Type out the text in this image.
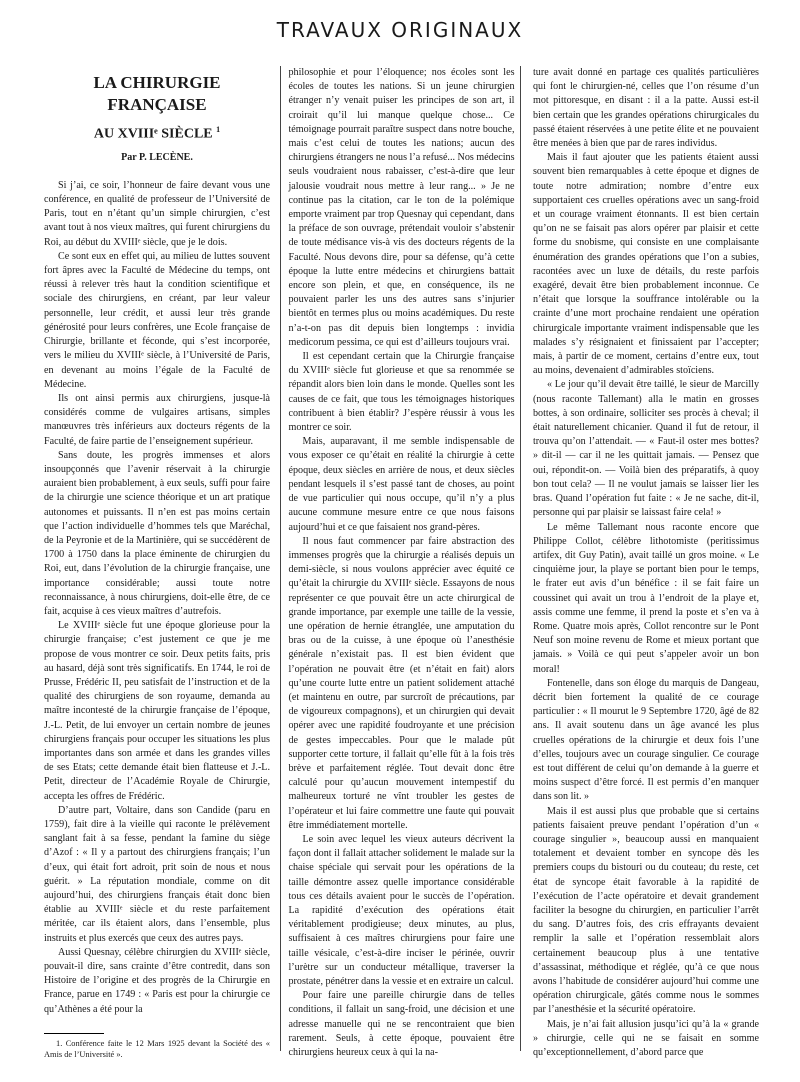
TRAVAUX ORIGINAUX
LA CHIRURGIE FRANÇAISE
AU XVIIIᵉ SIÈCLE $^1$
Par P. LECÈNE.

Si j’ai, ce soir, l’honneur de faire devant vous une conférence, en qualité de professeur de l’Université de Paris, tout en n’étant qu’un simple chirurgien, c’est avant tout à nos vieux maîtres, qui furent chirurgiens du Roi, au début du XVIIIᵉ siècle, que je le dois.

Ce sont eux en effet qui, au milieu de luttes souvent fort âpres avec la Faculté de Médecine du temps, ont réussi à relever très haut la condition scientifique et sociale des chirurgiens, en créant, par leur valeur personnelle, leur crédit, et aussi leur très grande générosité pour leurs confrères, une Ecole française de Chirurgie, brillante et féconde, qui s’est incorporée, vers le milieu du XVIIIᵉ siècle, à l’Université de Paris, en devenant au moins l’égale de la Faculté de Médecine.

Ils ont ainsi permis aux chirurgiens, jusque-là considérés comme de vulgaires artisans, simples manœuvres très inférieurs aux docteurs régents de la Faculté, de faire partie de l’enseignement supérieur.

Sans doute, les progrès immenses et alors insoupçonnés que l’avenir réservait à la chirurgie auraient bien probablement, à eux seuls, suffi pour faire de la chirurgie une science théorique et un art pratique autonomes et puissants. Il n’en est pas moins certain que l’action individuelle d’hommes tels que Maréchal, de la Peyronie et de la Martinière, qui se succédèrent de 1700 à 1750 dans la place éminente de chirurgien du Roi, eut, dans l’évolution de la chirurgie française, une importance considérable; aussi toute notre reconnaissance, à nous chirurgiens, doit-elle être, de ce fait, acquise à ces vieux maîtres d’autrefois.

Le XVIIIᵉ siècle fut une époque glorieuse pour la chirurgie française; c’est justement ce que je me propose de vous montrer ce soir. Deux petits faits, pris au hasard, déjà sont très significatifs. En 1744, le roi de Prusse, Frédéric II, peu satisfait de l’instruction et de la qualité des chirurgiens de son royaume, demanda au maître incontesté de la chirurgie française de l’époque, J.-L. Petit, de lui envoyer un certain nombre de jeunes chirurgiens français pour occuper les situations les plus importantes dans son armée et dans les grandes villes de ses Etats; cette demande était bien flatteuse et J.-L. Petit, directeur de l’Académie Royale de Chirurgie, accepta les offres de Frédéric.

D’autre part, Voltaire, dans son Candide (paru en 1759), fait dire à la vieille qui raconte le prélèvement sanglant fait à sa fesse, pendant la famine du siège d’Azof : « Il y a partout des chirurgiens français; l’un d’eux, qui était fort adroit, prit soin de nous et nous guérit. » La réputation mondiale, comme on dit aujourd’hui, des chirurgiens français était donc bien établie au XVIIIᵉ siècle et du reste parfaitement méritée, car ils étaient alors, dans l’ensemble, plus instruits et plus exercés que ceux des autres pays.

Aussi Quesnay, célèbre chirurgien du XVIIIᵉ siècle, pouvait-il dire, sans crainte d’être contredit, dans son Histoire de l’origine et des progrès de la Chirurgie en France, parue en 1749 : « Paris est pour la chirurgie ce qu’Athènes a été pour la

1. Conférence faite le 12 Mars 1925 devant la Société des « Amis de l’Université ».

philosophie et pour l’éloquence; nos écoles sont les écoles de toutes les nations. Si un jeune chirurgien étranger n’y venait puiser les principes de son art, il croirait qu’il lui manque quelque chose... Ce témoignage pourrait paraître suspect dans notre bouche, mais c’est celui de toutes les nations; aucun des chirurgiens étrangers ne nous l’a refusé... Nos médecins seuls voudraient nous rabaisser, c’est-à-dire que leur jalousie voudrait nous mettre à leur rang... » Je ne continue pas la citation, car le ton de la polémique emporte vraiment par trop Quesnay qui cependant, dans la préface de son ouvrage, prétendait vouloir s’abstenir de toute médisance vis-à vis des docteurs régents de la Faculté. Nous devons dire, pour sa défense, qu’à cette époque la lutte entre médecins et chirurgiens battait encore son plein, et que, en conséquence, ils ne pouvaient parler les uns des autres sans s’injurier bientôt en termes plus ou moins académiques. Du reste n’a-t-on pas dit depuis bien longtemps : invidia medicorum pessima, ce qui est d’ailleurs toujours vrai.

Il est cependant certain que la Chirurgie française du XVIIIᵉ siècle fut glorieuse et que sa renommée se répandit alors bien loin dans le monde. Quelles sont les causes de ce fait, que tous les témoignages historiques contribuent à bien établir? J’espère réussir à vous les montrer ce soir.

Mais, auparavant, il me semble indispensable de vous exposer ce qu’était en réalité la chirurgie à cette époque, deux siècles en arrière de nous, et deux siècles pendant lesquels il s’est passé tant de choses, au point de vue particulier qui nous occupe, qu’il n’y a plus aucune commune mesure entre ce que nous faisons aujourd’hui et ce que faisaient nos grand-pères.

Il nous faut commencer par faire abstraction des immenses progrès que la chirurgie a réalisés depuis un demi-siècle, si nous voulons apprécier avec équité ce qu’était la chirurgie du XVIIIᵉ siècle. Essayons de nous représenter ce que pouvait être un acte chirurgical de grande importance, par exemple une taille de la vessie, une opération de hernie étranglée, une amputation du bras ou de la cuisse, à une époque où l’anesthésie générale n’existait pas. Il est bien évident que l’opération ne pouvait être (et n’était en fait) alors qu’une courte lutte entre un patient solidement attaché (et maintenu en outre, par surcroît de précautions, par de vigoureux compagnons), et un chirurgien qui devait opérer avec une rapidité foudroyante et une précision de gestes impeccables. Pour que le malade pût supporter cette torture, il fallait qu’elle fût à la fois très brève et parfaitement réglée. Tout devait donc être calculé pour qu’aucun mouvement intempestif du malheureux torturé ne vînt troubler les gestes de l’opérateur et lui faire commettre une faute qui pouvait être immédiatement mortelle.

Le soin avec lequel les vieux auteurs décrivent la façon dont il fallait attacher solidement le malade sur la chaise spéciale qui servait pour les opérations de la taille démontre assez quelle importance considérable tous ces détails avaient pour le succès de l’opération. La rapidité d’exécution des opérations était véritablement prodigieuse; deux minutes, au plus, suffisaient à ces maîtres chirurgiens pour faire une taille vésicale, c’est-à-dire inciser le périnée, ouvrir l’urètre sur un conducteur métallique, traverser la prostate, pénétrer dans la vessie et en extraire un calcul.

Pour faire une pareille chirurgie dans de telles conditions, il fallait un sang-froid, une décision et une adresse manuelle qui ne se rencontraient que bien rarement. Seuls, à cette époque, pouvaient être chirurgiens heureux ceux à qui la na-

ture avait donné en partage ces qualités particulières qui font le chirurgien-né, celles que l’on résume d’un mot pittoresque, en disant : il a la patte. Aussi est-il bien certain que les grandes opérations chirurgicales du passé étaient réservées à une petite élite et ne pouvaient être menées à bien que par de rares individus.

Mais il faut ajouter que les patients étaient aussi souvent bien remarquables à cette époque et dignes de toute notre admiration; nombre d’entre eux supportaient ces cruelles opérations avec un sang-froid et un courage vraiment étonnants. Il est bien certain qu’on ne se faisait pas alors opérer par plaisir et cette forme du snobisme, qui consiste en une complaisante énumération des grandes opérations que l’on a subies, racontées avec un luxe de détails, du reste parfois exagéré, devait être bien probablement inconnue. Ce n’était que lorsque la souffrance intolérable ou la crainte d’une mort prochaine rendaient une opération chirurgicale importante vraiment indispensable que les malades s’y résignaient et finissaient par l’accepter; mais, à partir de ce moment, certains d’entre eux, tout au moins, devenaient d’admirables stoïciens.

« Le jour qu’il devait être taillé, le sieur de Marcilly (nous raconte Tallemant) alla le matin en grosses bottes, à son ordinaire, solliciter ses procès à cheval; il était naturellement chicanier. Quand il fut de retour, il trouva qu’on l’attendait. — « Faut-il oster mes bottes? » dit-il — car il ne les quittait jamais. — Pensez que oui, répondit-on. — Voilà bien des préparatifs, à quoy bon tout cela? — Il ne voulut jamais se laisser lier les bras. Quand l’opération fut faite : « Je ne sache, dit-il, personne qui par plaisir se laissast faire cela! »

Le même Tallemant nous raconte encore que Philippe Collot, célèbre lithotomiste (peritissimus artifex, dit Guy Patin), avait taillé un gros moine. « Le cinquième jour, la playe se portant bien pour le temps, le frater eut avis d’un bénéfice : il se fait faire un coussinet qui avait un trou à l’endroit de la playe et, assis comme une femme, il prend la poste et s’en va à Rome. Quatre mois après, Collot rencontre sur le Pont Neuf son moine revenu de Rome et mieux portant que jamais. » Voilà ce qui peut s’appeler avoir un bon moral!

Fontenelle, dans son éloge du marquis de Dangeau, décrit bien fortement la qualité de ce courage particulier : « Il mourut le 9 Septembre 1720, âgé de 82 ans. Il avait soutenu dans un âge avancé les plus cruelles opérations de la chirurgie et deux fois l’une d’elles, toujours avec un courage singulier. Ce courage est tout différent de celui qu’on demande à la guerre et moins suspect d’être forcé. Il est permis d’en manquer dans son lit. »

Mais il est aussi plus que probable que si certains patients faisaient preuve pendant l’opération d’un « courage singulier », beaucoup aussi en manquaient totalement et devaient tomber en syncope dès les premiers coups du bistouri ou du couteau; du reste, cet état de syncope était favorable à la rapidité de l’exécution de l’acte opératoire et devait grandement faciliter la besogne du chirurgien, en particulier l’arrêt du sang. D’autres fois, des cris effrayants devaient remplir la salle et l’opération ressemblait alors certainement beaucoup plus à une tentative d’assassinat, méthodique et réglée, qu’à ce que nous avons l’habitude de considérer aujourd’hui comme une opération chirurgicale, gâtés comme nous le sommes par l’anesthésie et la sécurité opératoire.

Mais, je n’ai fait allusion jusqu’ici qu’à la « grande » chirurgie, celle qui ne se faisait en somme qu’exceptionnellement, d’abord parce que
